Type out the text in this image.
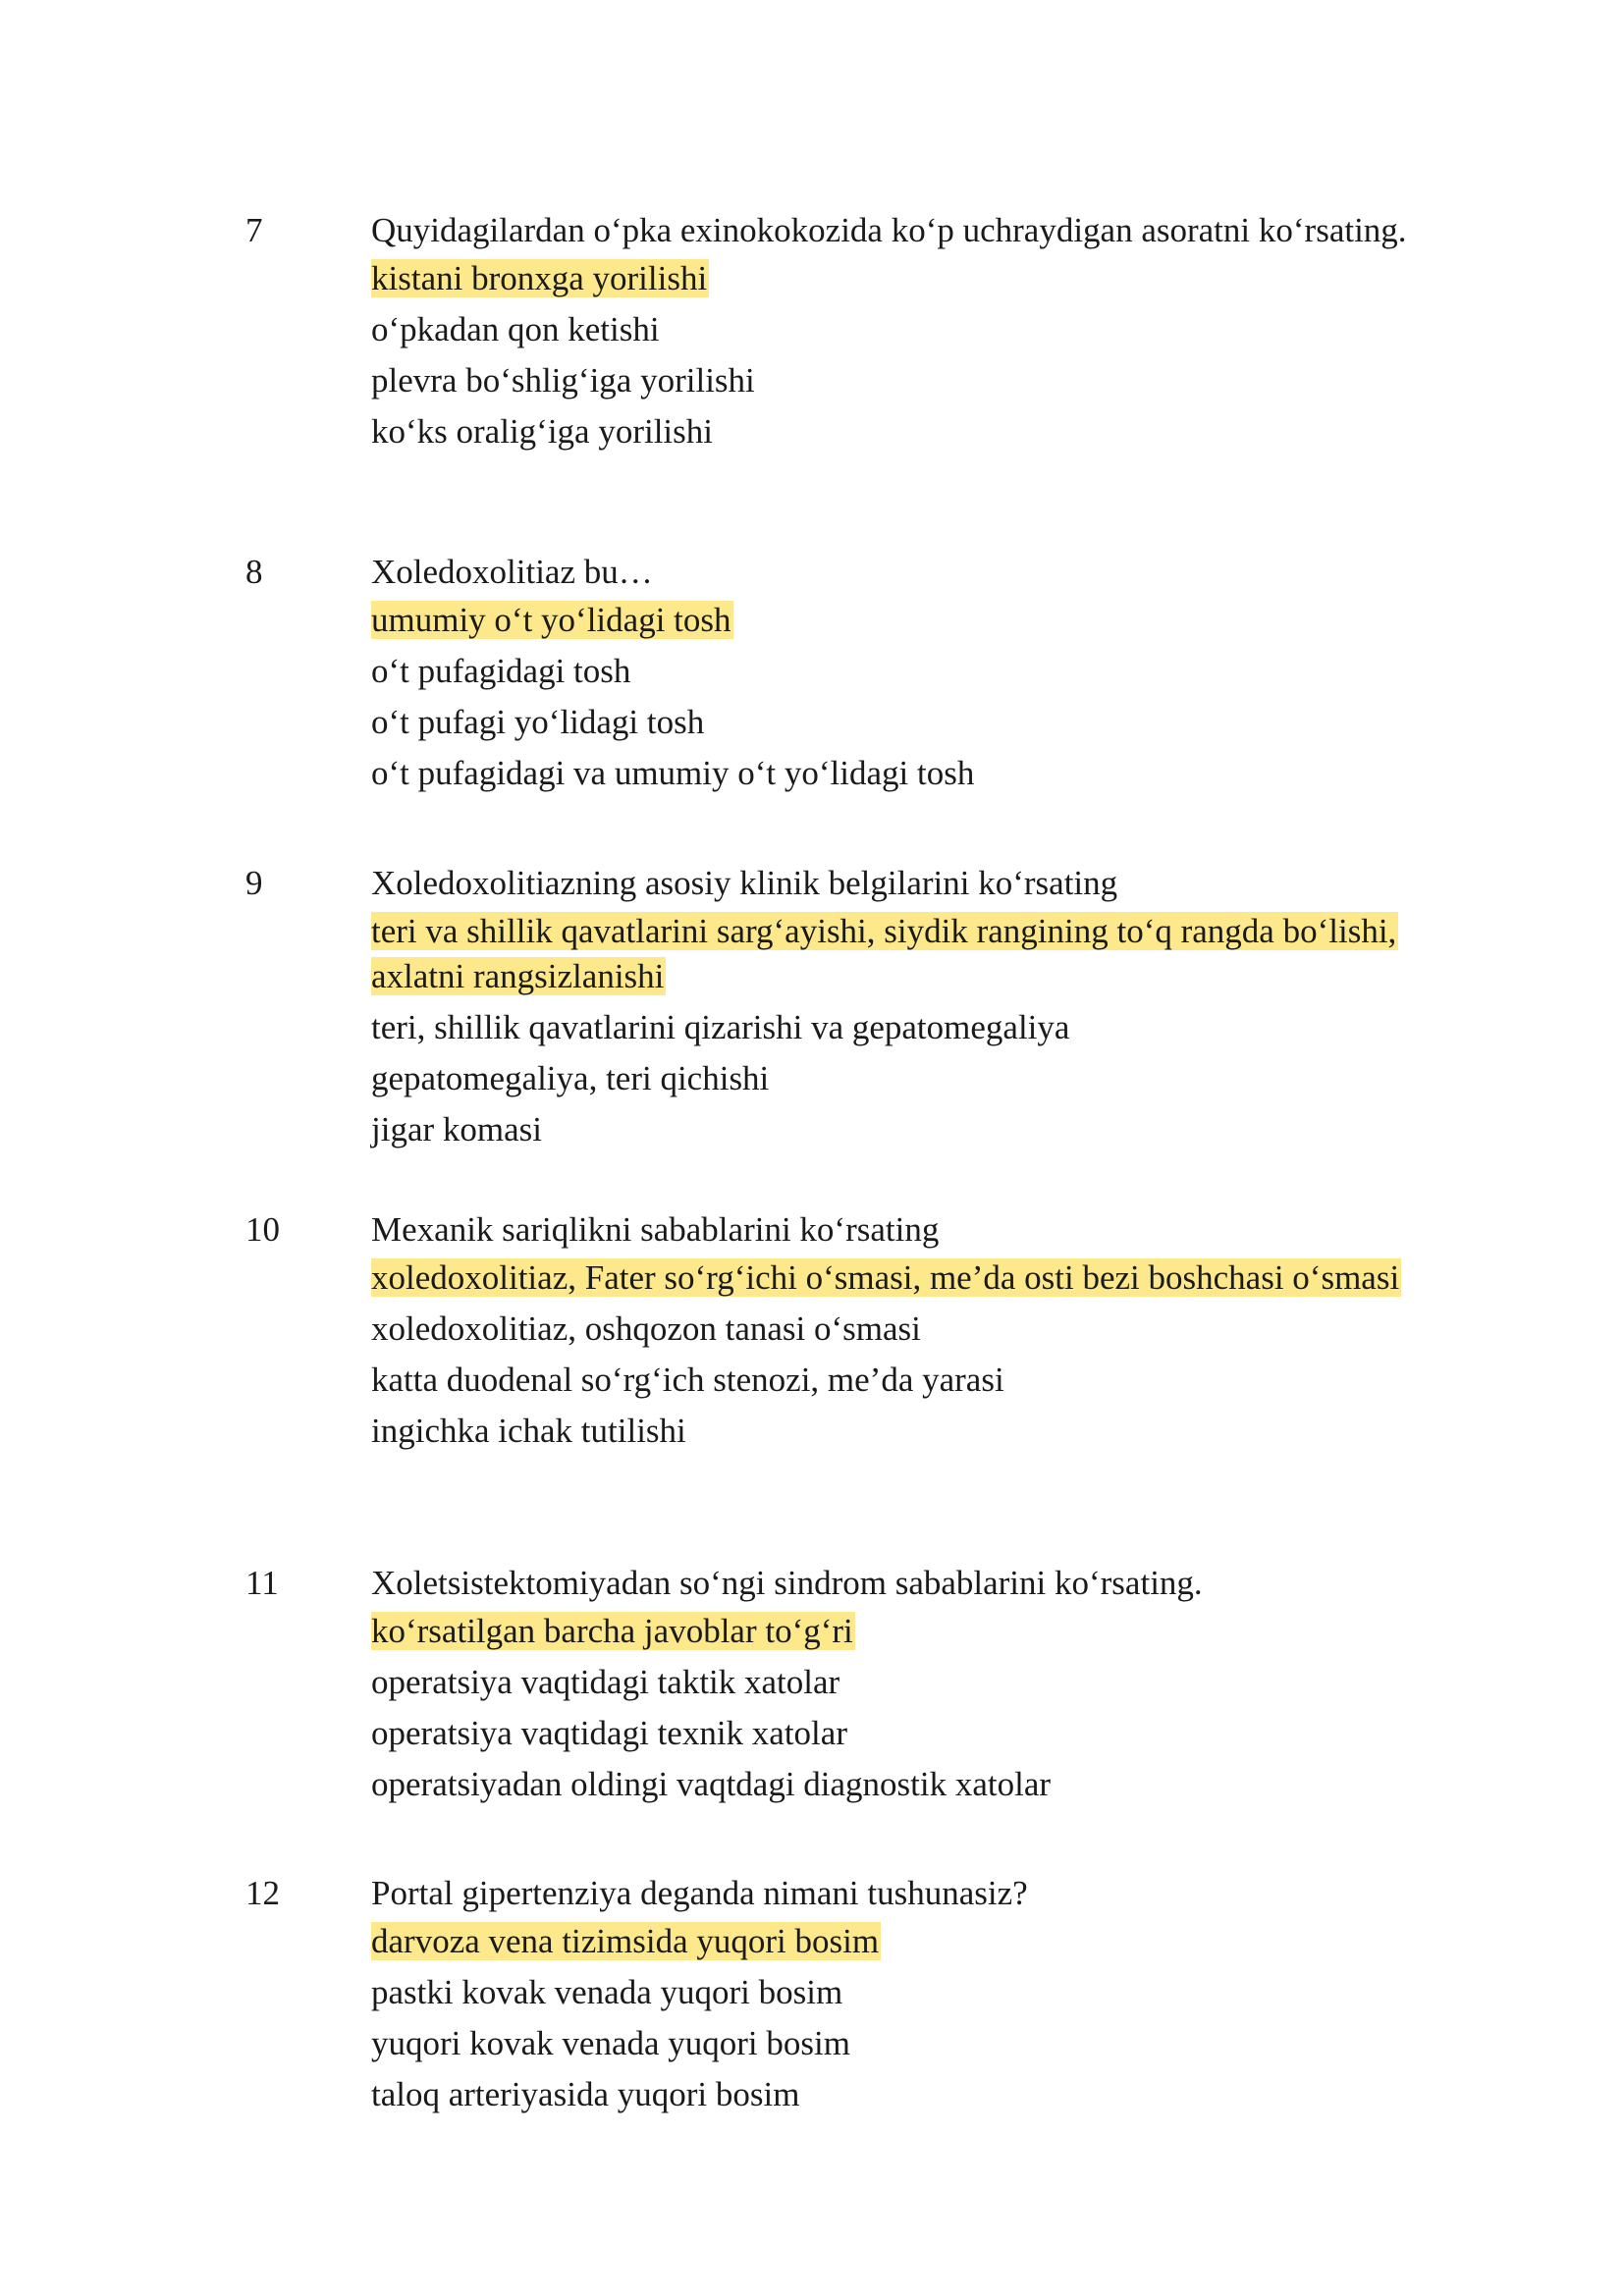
7	Quyidagilardan o‘pka exinokokozida ko‘p uchraydigan asoratni ko‘rsating.
kistani bronxga yorilishi
o‘pkadan qon ketishi
plevra bo‘shlig‘iga yorilishi
ko‘ks oralig‘iga yorilishi
8	Xoledoxolitiaz bu…
umumiy o‘t yo‘lidagi tosh
o‘t pufagidagi tosh
o‘t pufagi yo‘lidagi tosh
o‘t pufagidagi va umumiy o‘t yo‘lidagi tosh
9	Xoledoxolitiazning asosiy klinik belgilarini ko‘rsating
teri va shillik qavatlarini sarg‘ayishi, siydik rangining to‘q rangda bo‘lishi, axlatni rangsizlanishi
teri, shillik qavatlarini qizarishi va gepatomegaliya
gepatomegaliya, teri qichishi
jigar komasi
10	Mexanik sariqlikni sabablarini ko‘rsating
xoledoxolitiaz, Fater so‘rg‘ichi o‘smasi, me’da osti bezi boshchasi o‘smasi
xoledoxolitiaz, oshqozon tanasi o‘smasi
katta duodenal so‘rg‘ich stenozi, me’da yarasi
ingichka ichak tutilishi
11	Xoletsistektomiyadan so‘ngi sindrom sabablarini ko‘rsating.
ko‘rsatilgan barcha javoblar to‘g‘ri
operatsiya vaqtidagi taktik xatolar
operatsiya vaqtidagi texnik xatolar
operatsiyadan oldingi vaqtdagi diagnostik xatolar
12	Portal gipertenziya deganda nimani tushunasiz?
darvoza vena tizimsida yuqori bosim
pastki kovak venada yuqori bosim
yuqori kovak venada yuqori bosim
taloq arteriyasida yuqori bosim
